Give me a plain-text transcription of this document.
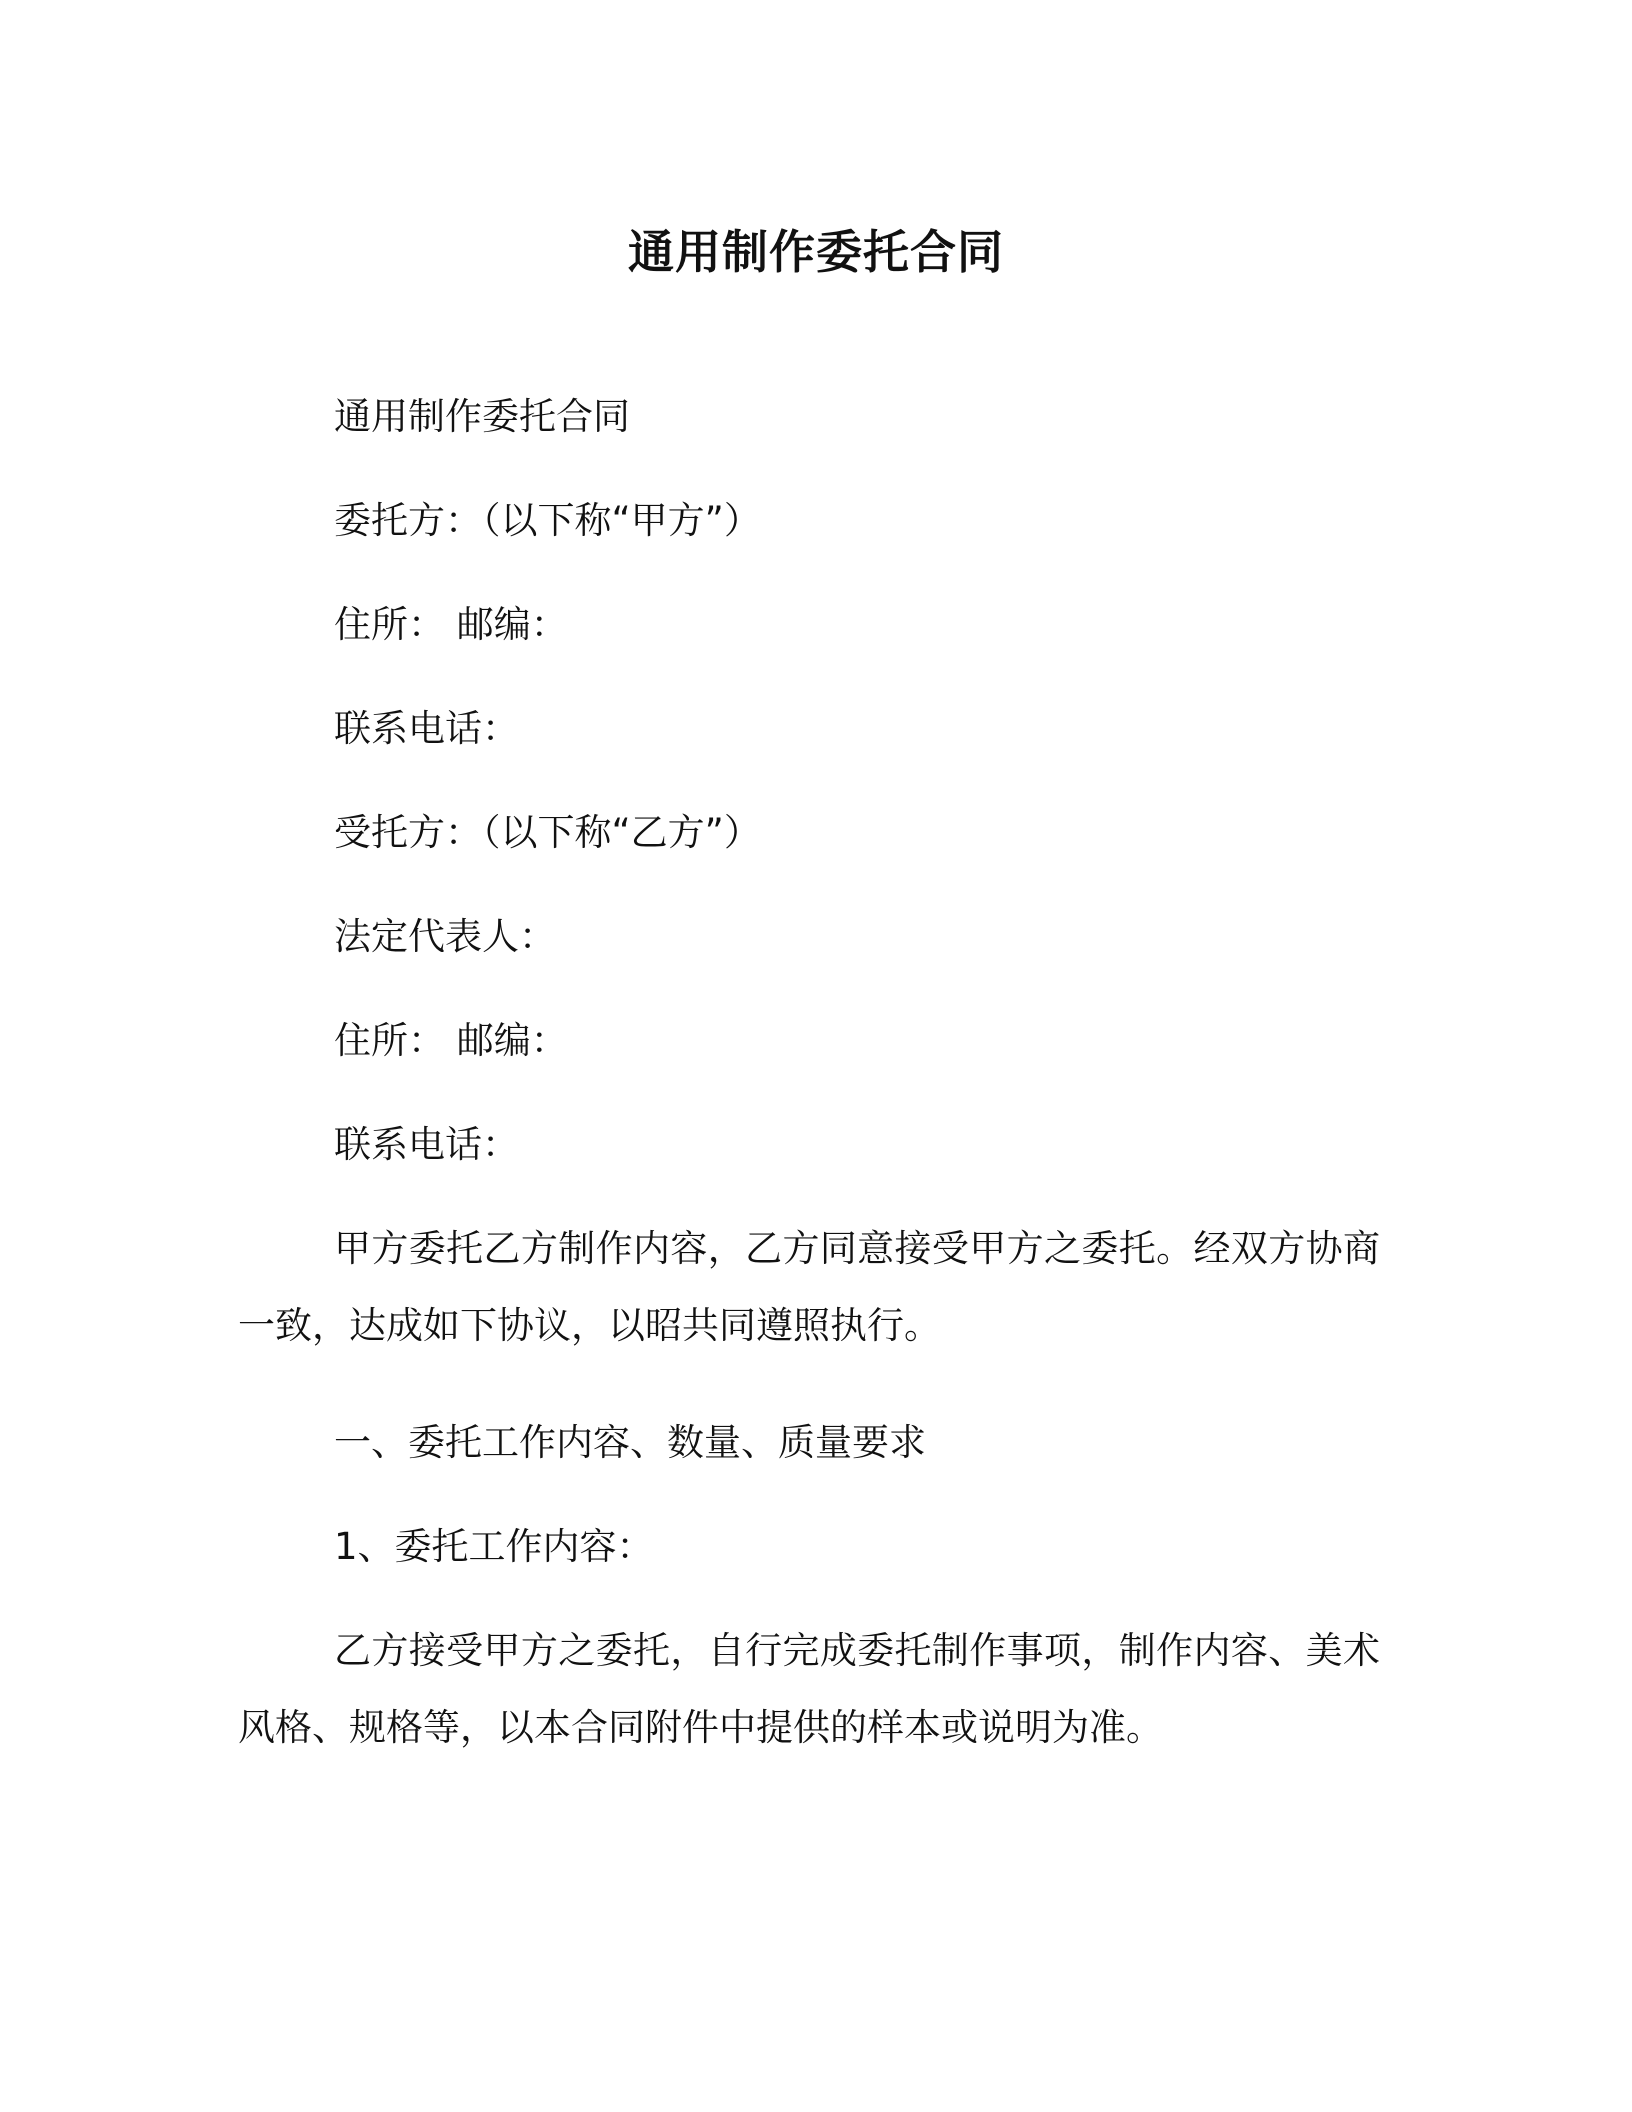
通用制作委托合同

通用制作委托合同

委托方：（以下称“甲方”）

住所： 邮编：

联系电话：

受托方：（以下称“乙方”）

法定代表人：

住所： 邮编：

联系电话：

甲方委托乙方制作内容，乙方同意接受甲方之委托。经双方协商一致，达成如下协议，以昭共同遵照执行。

一、委托工作内容、数量、质量要求

1、委托工作内容：

乙方接受甲方之委托，自行完成委托制作事项，制作内容、美术风格、规格等，以本合同附件中提供的样本或说明为准。
